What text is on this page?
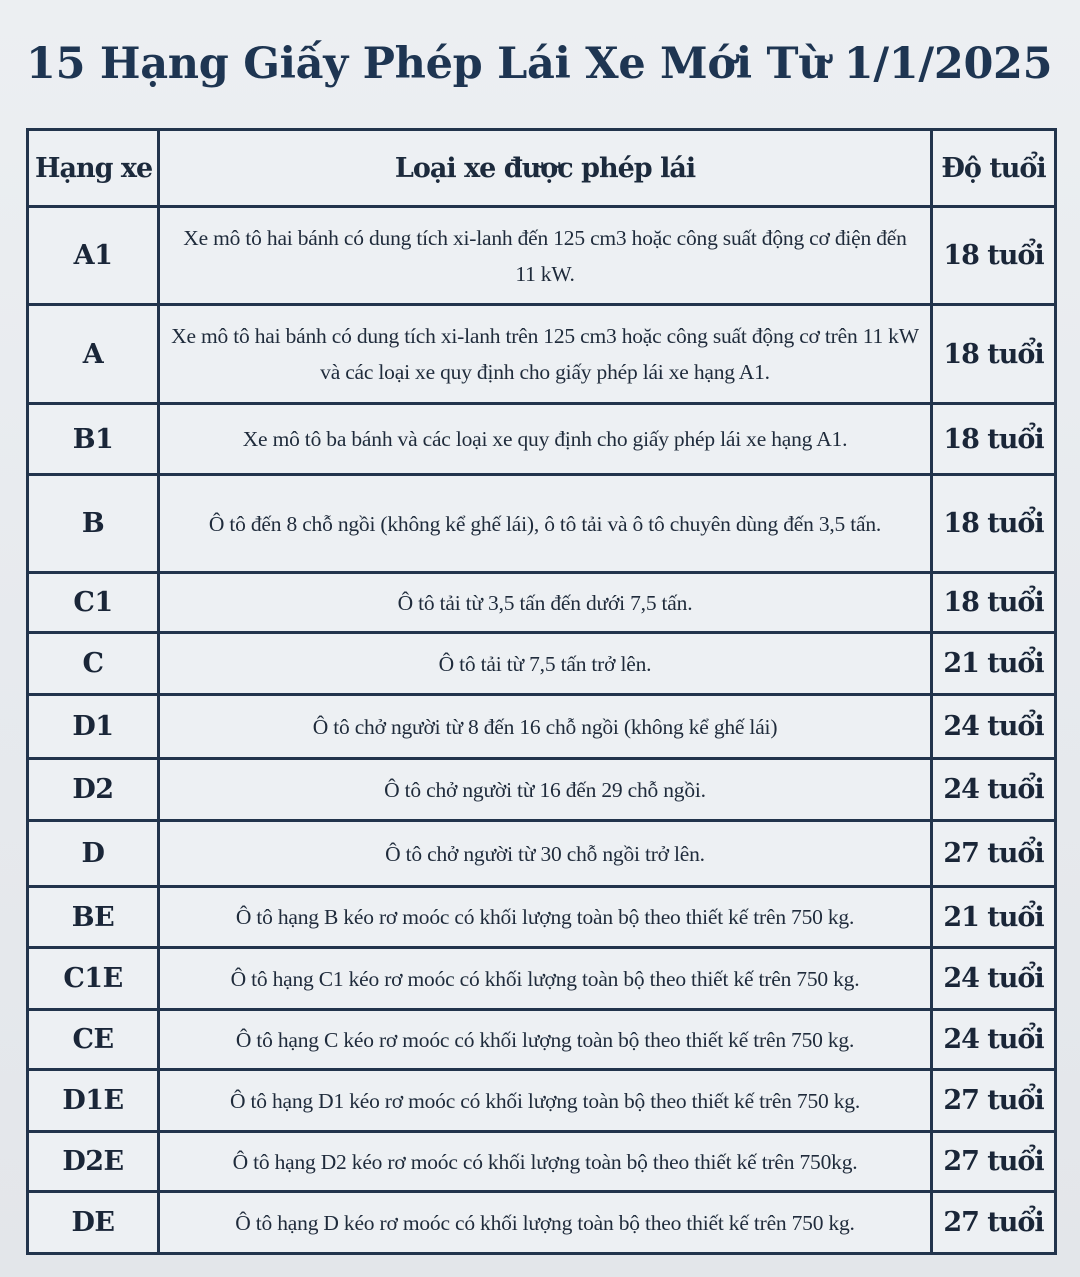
15 Hạng Giấy Phép Lái Xe Mới Từ 1/1/2025
Hạng xe	Loại xe được phép lái	Độ tuổi
A1	Xe mô tô hai bánh có dung tích xi-lanh đến 125 cm3 hoặc công suất động cơ điện đến 11 kW.	18 tuổi
A	Xe mô tô hai bánh có dung tích xi-lanh trên 125 cm3 hoặc công suất động cơ trên 11 kW và các loại xe quy định cho giấy phép lái xe hạng A1.	18 tuổi
B1	Xe mô tô ba bánh và các loại xe quy định cho giấy phép lái xe hạng A1.	18 tuổi
B	Ô tô đến 8 chỗ ngồi (không kể ghế lái), ô tô tải và ô tô chuyên dùng đến 3,5 tấn.	18 tuổi
C1	Ô tô tải từ 3,5 tấn đến dưới 7,5 tấn.	18 tuổi
C	Ô tô tải từ 7,5 tấn trở lên.	21 tuổi
D1	Ô tô chở người từ 8 đến 16 chỗ ngồi (không kể ghế lái)	24 tuổi
D2	Ô tô chở người từ 16 đến 29 chỗ ngồi.	24 tuổi
D	Ô tô chở người từ 30 chỗ ngồi trở lên.	27 tuổi
BE	Ô tô hạng B kéo rơ moóc có khối lượng toàn bộ theo thiết kế trên 750 kg.	21 tuổi
C1E	Ô tô hạng C1 kéo rơ moóc có khối lượng toàn bộ theo thiết kế trên 750 kg.	24 tuổi
CE	Ô tô hạng C kéo rơ moóc có khối lượng toàn bộ theo thiết kế trên 750 kg.	24 tuổi
D1E	Ô tô hạng D1 kéo rơ moóc có khối lượng toàn bộ theo thiết kế trên 750 kg.	27 tuổi
D2E	Ô tô hạng D2 kéo rơ moóc có khối lượng toàn bộ theo thiết kế trên 750kg.	27 tuổi
DE	Ô tô hạng D kéo rơ moóc có khối lượng toàn bộ theo thiết kế trên 750 kg.	27 tuổi
